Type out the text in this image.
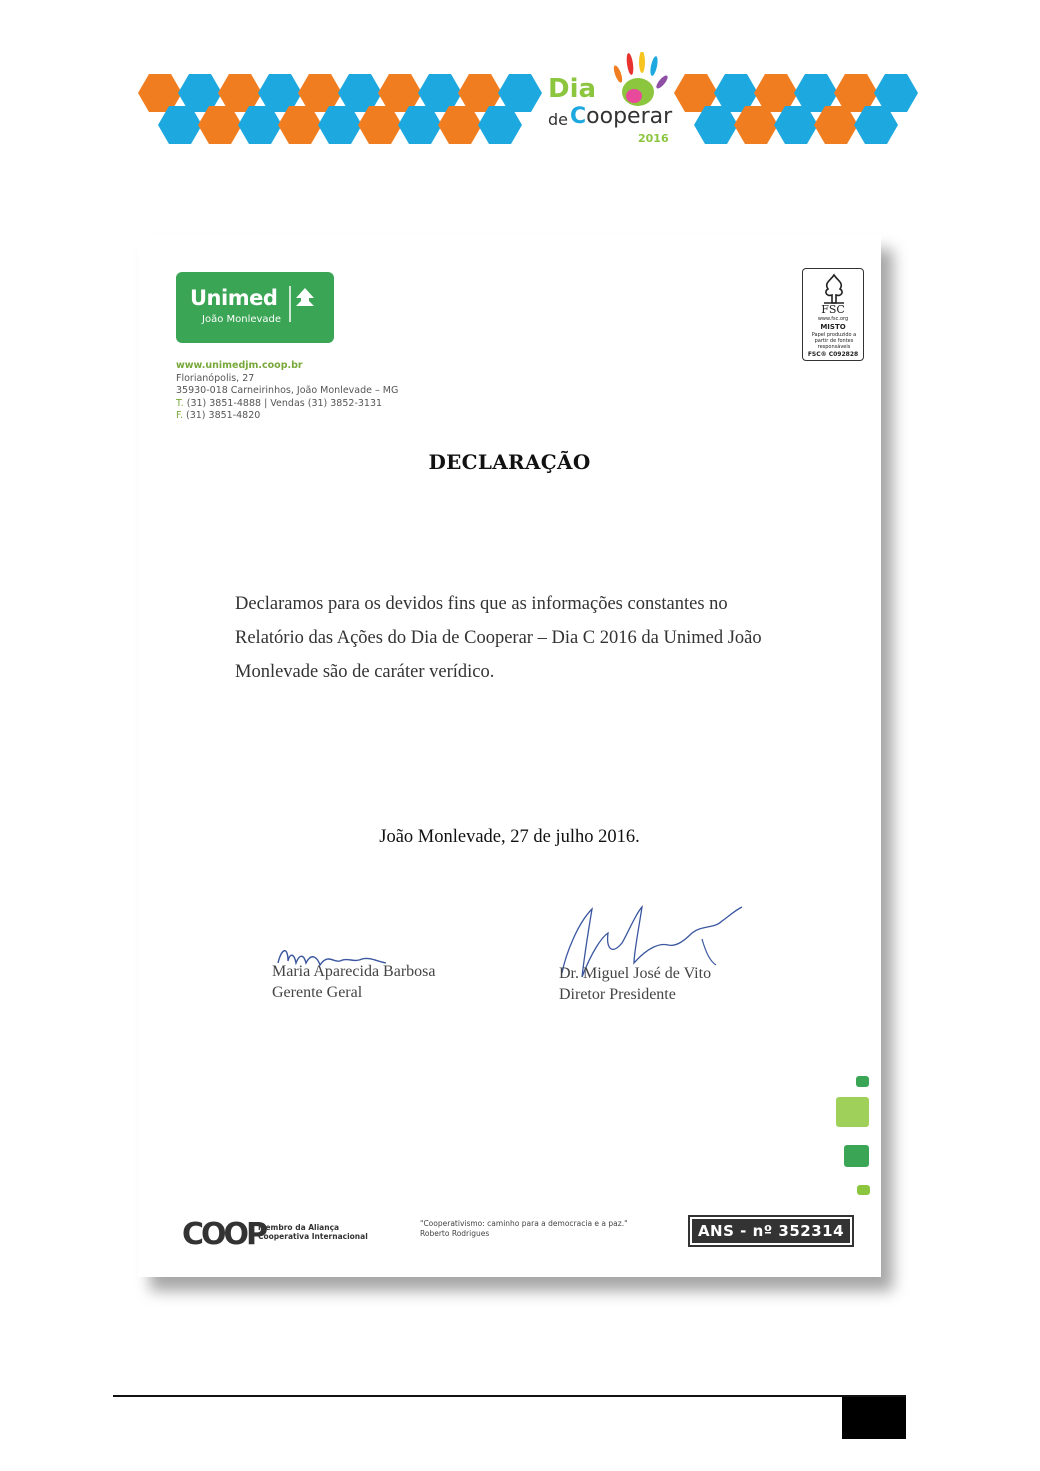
Dia
de Cooperar
2016
Unimed
João Monlevade
www.unimedjm.coop.br
Florianópolis, 27
35930-018 Carneirinhos, João Monlevade – MG
T. (31) 3851-4888 | Vendas (31) 3852-3131
F. (31) 3851-4820
FSC
www.fsc.org
MISTO
Papel produzido a partir de fontes responsáveis
FSC® C092828
DECLARAÇÃO

Declaramos para os devidos fins que as informações constantes no Relatório das Ações do Dia de Cooperar – Dia C 2016 da Unimed João Monlevade são de caráter verídico.

João Monlevade, 27 de julho 2016.

Maria Aparecida Barbosa
Gerente Geral
Dr. Miguel José de Vito
Diretor Presidente
COOP
Membro da Aliança Cooperativa Internacional
"Cooperativismo: caminho para a democracia e a paz."
Roberto Rodrigues	ANS - nº 352314
